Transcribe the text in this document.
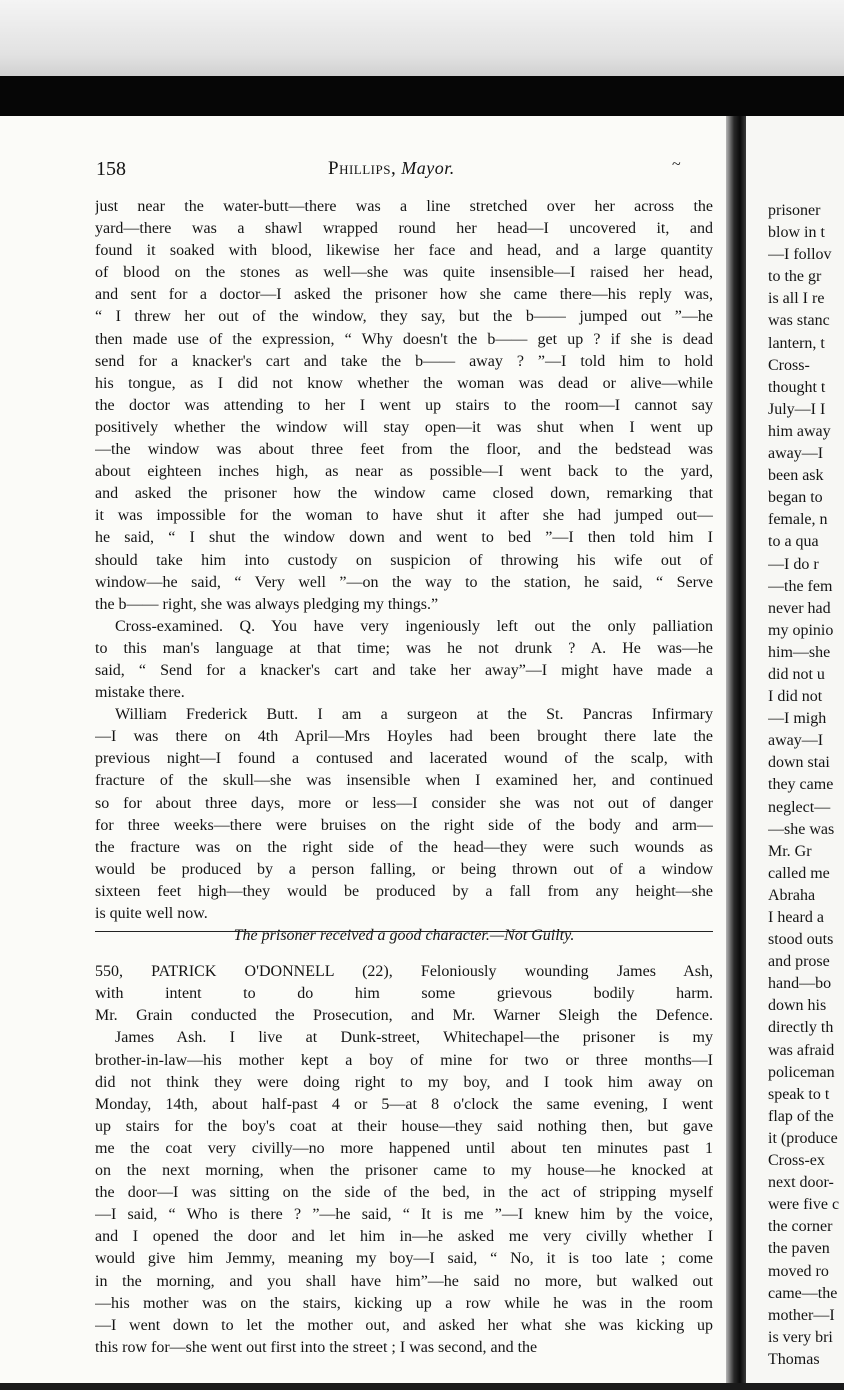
158	Phillips, Mayor.	~
just near the water-butt—there was a line stretched over her across the
yard—there was a shawl wrapped round her head—I uncovered it, and
found it soaked with blood, likewise her face and head, and a large quantity
of blood on the stones as well—she was quite insensible—I raised her head,
and sent for a doctor—I asked the prisoner how she came there—his reply was,
“ I threw her out of the window, they say, but the b—— jumped out ”—he
then made use of the expression, “ Why doesn't the b—— get up ? if she is dead
send for a knacker's cart and take the b—— away ? ”—I told him to hold
his tongue, as I did not know whether the woman was dead or alive—while
the doctor was attending to her I went up stairs to the room—I cannot say
positively whether the window will stay open—it was shut when I went up
—the window was about three feet from the floor, and the bedstead was
about eighteen inches high, as near as possible—I went back to the yard,
and asked the prisoner how the window came closed down, remarking that
it was impossible for the woman to have shut it after she had jumped out—
he said, “ I shut the window down and went to bed ”—I then told him I
should take him into custody on suspicion of throwing his wife out of
window—he said, “ Very well ”—on the way to the station, he said, “ Serve
the b—— right, she was always pledging my things.”
Cross-examined. Q. You have very ingeniously left out the only palliation
to this man's language at that time; was he not drunk ? A. He was—he
said, “ Send for a knacker's cart and take her away”—I might have made a
mistake there.
William Frederick Butt. I am a surgeon at the St. Pancras Infirmary
—I was there on 4th April—Mrs Hoyles had been brought there late the
previous night—I found a contused and lacerated wound of the scalp, with
fracture of the skull—she was insensible when I examined her, and continued
so for about three days, more or less—I consider she was not out of danger
for three weeks—there were bruises on the right side of the body and arm—
the fracture was on the right side of the head—they were such wounds as
would be produced by a person falling, or being thrown out of a window
sixteen feet high—they would be produced by a fall from any height—she
is quite well now.
The prisoner received a good character.—Not Guilty.
550, PATRICK O'DONNELL (22), Feloniously wounding James Ash,
with intent to do him some grievous bodily harm.
Mr. Grain conducted the Prosecution, and Mr. Warner Sleigh the Defence.
James Ash. I live at Dunk-street, Whitechapel—the prisoner is my
brother-in-law—his mother kept a boy of mine for two or three months—I
did not think they were doing right to my boy, and I took him away on
Monday, 14th, about half-past 4 or 5—at 8 o'clock the same evening, I went
up stairs for the boy's coat at their house—they said nothing then, but gave
me the coat very civilly—no more happened until about ten minutes past 1
on the next morning, when the prisoner came to my house—he knocked at
the door—I was sitting on the side of the bed, in the act of stripping myself
—I said, “ Who is there ? ”—he said, “ It is me ”—I knew him by the voice,
and I opened the door and let him in—he asked me very civilly whether I
would give him Jemmy, meaning my boy—I said, “ No, it is too late ; come
in the morning, and you shall have him”—he said no more, but walked out
—his mother was on the stairs, kicking up a row while he was in the room
—I went down to let the mother out, and asked her what she was kicking up
this row for—she went out first into the street ; I was second, and the
prisoner
blow in t
—I follov
to the gr
is all I re
was stanc
lantern, t
Cross-
thought t
July—I I
him away
away—I
been ask
began to
female, n
to a qua
—I do r
—the fem
never had
my opinio
him—she
did not u
I did not
—I migh
away—I
down stai
they came
neglect—
—she was
Mr. Gr
called me
Abraha
I heard a
stood outs
and prose
hand—bo
down his
directly th
was afraid
policeman
speak to t
flap of the
it (produce
Cross-ex
next door-
were five c
the corner
the paven
moved ro
came—the
mother—I
is very bri
Thomas
